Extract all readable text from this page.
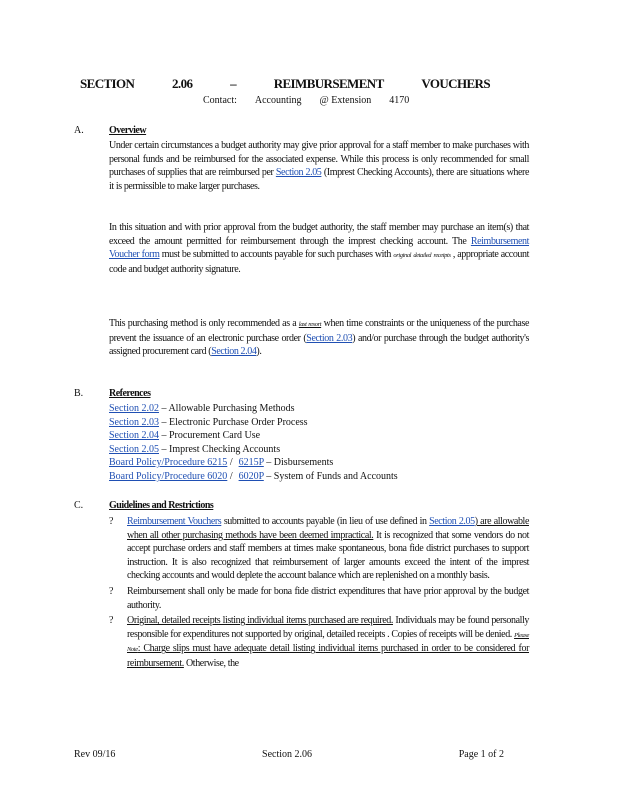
SECTION	2.06	–	REIMBURSEMENT	VOUCHERS
Contact: Accounting @ Extension 4170
A.	Overview

Under certain circumstances a budget authority may give prior approval for a staff member to make purchases with personal funds and be reimbursed for the associated expense. While this process is only recommended for small purchases of supplies that are reimbursed per Section 2.05 (Imprest Checking Accounts), there are situations where it is permissible to make larger purchases.

In this situation and with prior approval from the budget authority, the staff member may purchase an item(s) that exceed the amount permitted for reimbursement through the imprest checking account. The Reimbursement Voucher form must be submitted to accounts payable for such purchases with original detailed receipts , appropriate account code and budget authority signature.

This purchasing method is only recommended as a last resort when time constraints or the uniqueness of the purchase prevent the issuance of an electronic purchase order (Section 2.03) and/or purchase through the budget authority's assigned procurement card (Section 2.04).

B.	References
Section 2.02 – Allowable Purchasing Methods
Section 2.03 – Electronic Purchase Order Process
Section 2.04 – Procurement Card Use
Section 2.05 – Imprest Checking Accounts
Board Policy/Procedure 6215 / 6215P – Disbursements
Board Policy/Procedure 6020 / 6020P – System of Funds and Accounts
C.	Guidelines and Restrictions
? Reimbursement Vouchers submitted to accounts payable (in lieu of use defined in Section 2.05) are allowable when all other purchasing methods have been deemed impractical. It is recognized that some vendors do not accept purchase orders and staff members at times make spontaneous, bona fide district purchases to support instruction. It is also recognized that reimbursement of larger amounts exceed the intent of the imprest checking accounts and would deplete the account balance which are replenished on a monthly basis.
? Reimbursement shall only be made for bona fide district expenditures that have prior approval by the budget authority.
? Original, detailed receipts listing individual items purchased are required. Individuals may be found personally responsible for expenditures not supported by original, detailed receipts . Copies of receipts will be denied. Please Note: Charge slips must have adequate detail listing individual items purchased in order to be considered for reimbursement. Otherwise, the
Rev 09/16	Section 2.06	Page 1 of 2
